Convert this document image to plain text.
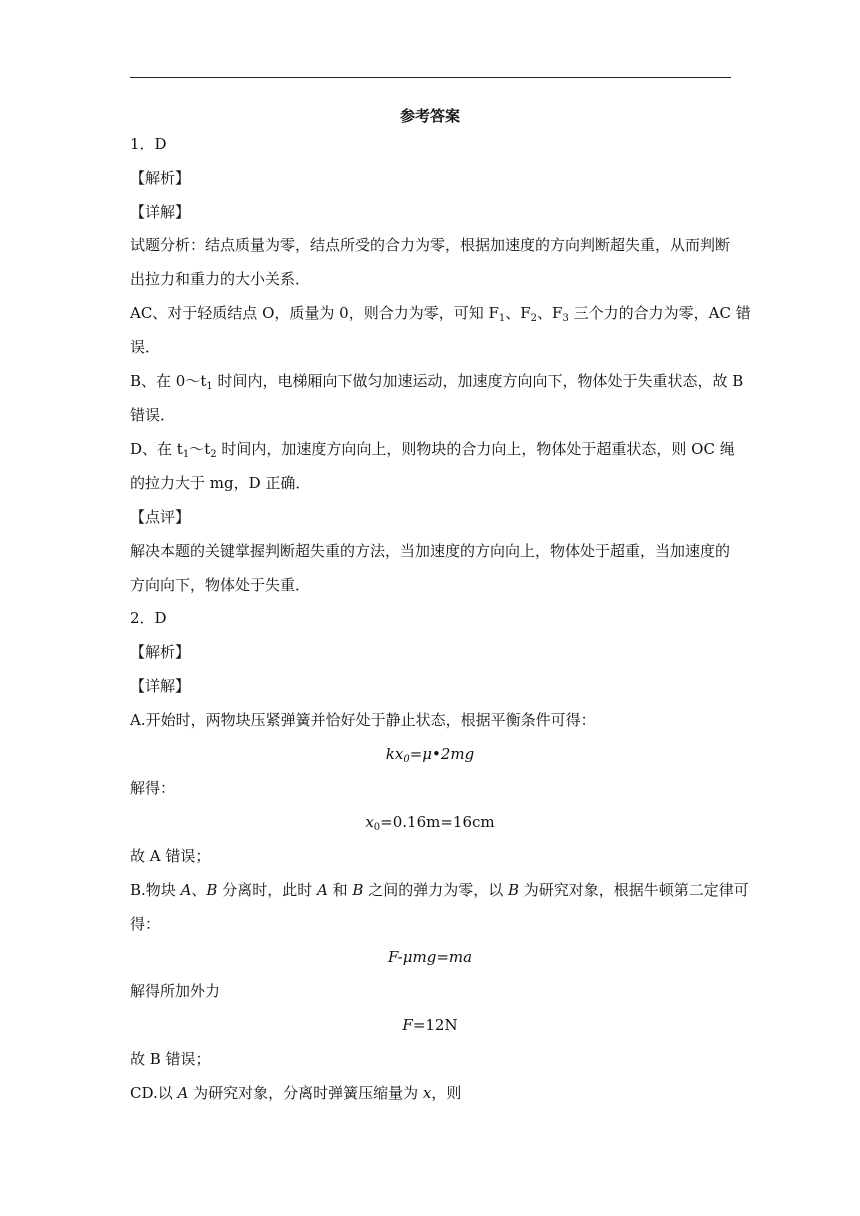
参考答案
1．D
【解析】
【详解】
试题分析：结点质量为零，结点所受的合力为零，根据加速度的方向判断超失重，从而判断
出拉力和重力的大小关系．
AC、对于轻质结点 O，质量为 0，则合力为零，可知 $F_1$、$F_2$、$F_3$ 三个力的合力为零，AC 错
误．
B、在 $0\sim t_1$ 时间内，电梯厢向下做匀加速运动，加速度方向向下，物体处于失重状态，故 B
错误．
D、在 $t_1\sim t_2$ 时间内，加速度方向向上，则物块的合力向上，物体处于超重状态，则 OC 绳
的拉力大于 mg，D 正确．
【点评】
解决本题的关键掌握判断超失重的方法，当加速度的方向向上，物体处于超重，当加速度的
方向向下，物体处于失重．
2．D
【解析】
【详解】
A.开始时，两物块压紧弹簧并恰好处于静止状态，根据平衡条件可得：
$kx_0=\mu•2mg$
解得：
$x_0=0.16m=16cm$
故 A 错误；
B.物块 A、B 分离时，此时 A 和 B 之间的弹力为零，以 B 为研究对象，根据牛顿第二定律可
得：
F-μmg=ma
解得所加外力
F=12N
故 B 错误；
CD.以 A 为研究对象，分离时弹簧压缩量为 x，则
